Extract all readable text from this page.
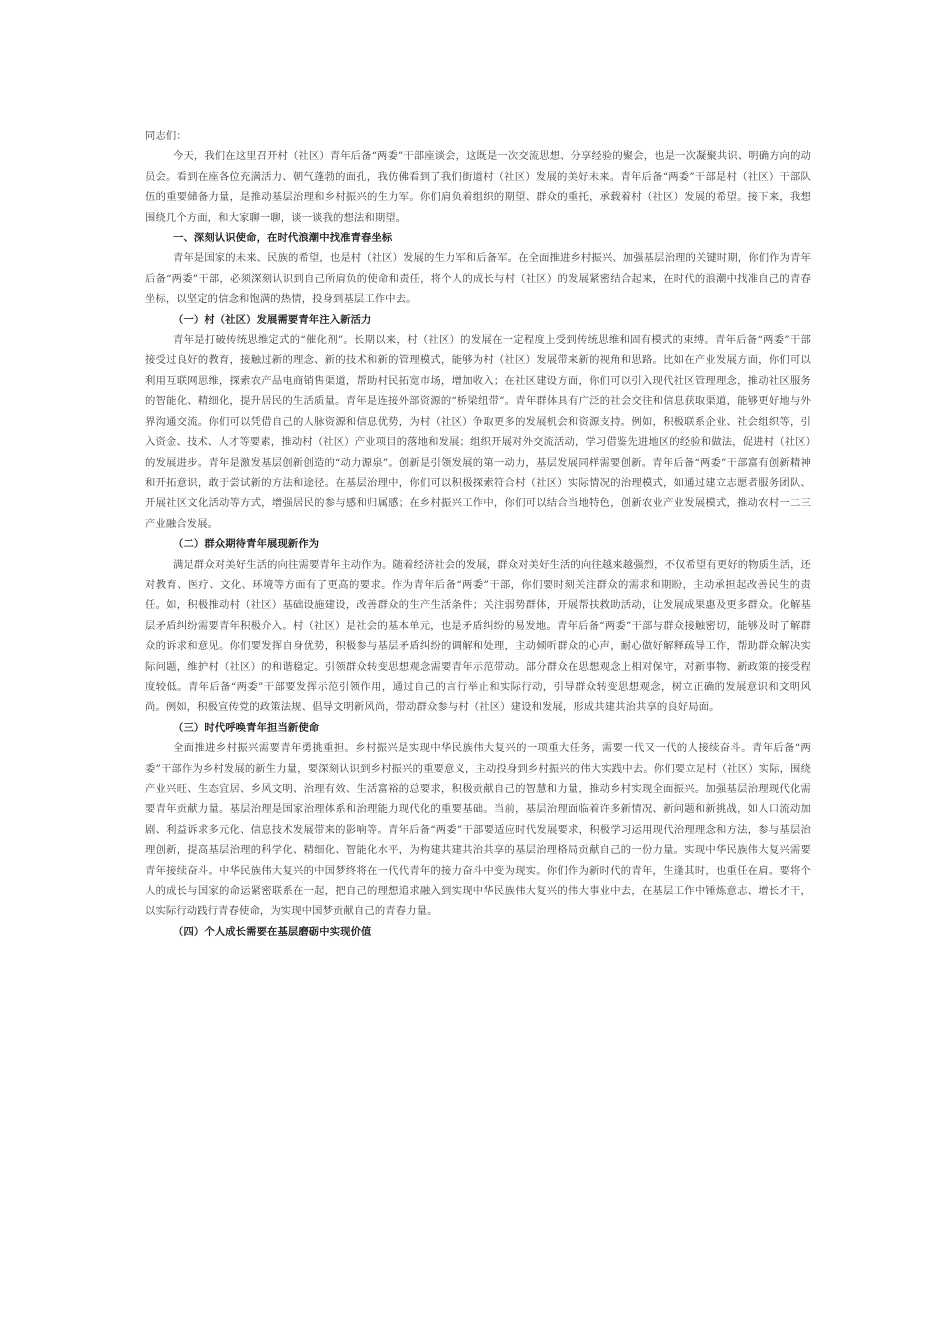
同志们：

今天，我们在这里召开村（社区）青年后备“两委”干部座谈会，这既是一次交流思想、分享经验的聚会，也是一次凝聚共识、明确方向的动员会。看到在座各位充满活力、朝气蓬勃的面孔，我仿佛看到了我们街道村（社区）发展的美好未来。青年后备“两委”干部是村（社区）干部队伍的重要储备力量，是推动基层治理和乡村振兴的生力军。你们肩负着组织的期望、群众的重托，承载着村（社区）发展的希望。接下来，我想围绕几个方面，和大家聊一聊，谈一谈我的想法和期望。

一、深刻认识使命，在时代浪潮中找准青春坐标

青年是国家的未来、民族的希望，也是村（社区）发展的生力军和后备军。在全面推进乡村振兴、加强基层治理的关键时期，你们作为青年后备“两委”干部，必须深刻认识到自己所肩负的使命和责任，将个人的成长与村（社区）的发展紧密结合起来，在时代的浪潮中找准自己的青春坐标，以坚定的信念和饱满的热情，投身到基层工作中去。

（一）村（社区）发展需要青年注入新活力

青年是打破传统思维定式的“催化剂”。长期以来，村（社区）的发展在一定程度上受到传统思维和固有模式的束缚。青年后备“两委”干部接受过良好的教育，接触过新的理念、新的技术和新的管理模式，能够为村（社区）发展带来新的视角和思路。比如在产业发展方面，你们可以利用互联网思维，探索农产品电商销售渠道，帮助村民拓宽市场，增加收入；在社区建设方面，你们可以引入现代社区管理理念，推动社区服务的智能化、精细化，提升居民的生活质量。青年是连接外部资源的“桥梁纽带”。青年群体具有广泛的社会交往和信息获取渠道，能够更好地与外界沟通交流。你们可以凭借自己的人脉资源和信息优势，为村（社区）争取更多的发展机会和资源支持。例如，积极联系企业、社会组织等，引入资金、技术、人才等要素，推动村（社区）产业项目的落地和发展；组织开展对外交流活动，学习借鉴先进地区的经验和做法，促进村（社区）的发展进步。青年是激发基层创新创造的“动力源泉”。创新是引领发展的第一动力，基层发展同样需要创新。青年后备“两委”干部富有创新精神和开拓意识，敢于尝试新的方法和途径。在基层治理中，你们可以积极探索符合村（社区）实际情况的治理模式，如通过建立志愿者服务团队、开展社区文化活动等方式，增强居民的参与感和归属感；在乡村振兴工作中，你们可以结合当地特色，创新农业产业发展模式，推动农村一二三产业融合发展。

（二）群众期待青年展现新作为

满足群众对美好生活的向往需要青年主动作为。随着经济社会的发展，群众对美好生活的向往越来越强烈，不仅希望有更好的物质生活，还对教育、医疗、文化、环境等方面有了更高的要求。作为青年后备“两委”干部，你们要时刻关注群众的需求和期盼，主动承担起改善民生的责任。如，积极推动村（社区）基础设施建设，改善群众的生产生活条件；关注弱势群体，开展帮扶救助活动，让发展成果惠及更多群众。化解基层矛盾纠纷需要青年积极介入。村（社区）是社会的基本单元，也是矛盾纠纷的易发地。青年后备“两委”干部与群众接触密切，能够及时了解群众的诉求和意见。你们要发挥自身优势，积极参与基层矛盾纠纷的调解和处理，主动倾听群众的心声，耐心做好解释疏导工作，帮助群众解决实际问题，维护村（社区）的和谐稳定。引领群众转变思想观念需要青年示范带动。部分群众在思想观念上相对保守，对新事物、新政策的接受程度较低。青年后备“两委”干部要发挥示范引领作用，通过自己的言行举止和实际行动，引导群众转变思想观念，树立正确的发展意识和文明风尚。例如，积极宣传党的政策法规、倡导文明新风尚，带动群众参与村（社区）建设和发展，形成共建共治共享的良好局面。

（三）时代呼唤青年担当新使命

全面推进乡村振兴需要青年勇挑重担。乡村振兴是实现中华民族伟大复兴的一项重大任务，需要一代又一代的人接续奋斗。青年后备“两委”干部作为乡村发展的新生力量，要深刻认识到乡村振兴的重要意义，主动投身到乡村振兴的伟大实践中去。你们要立足村（社区）实际，围绕产业兴旺、生态宜居、乡风文明、治理有效、生活富裕的总要求，积极贡献自己的智慧和力量，推动乡村实现全面振兴。加强基层治理现代化需要青年贡献力量。基层治理是国家治理体系和治理能力现代化的重要基础。当前，基层治理面临着许多新情况、新问题和新挑战，如人口流动加剧、利益诉求多元化、信息技术发展带来的影响等。青年后备“两委”干部要适应时代发展要求，积极学习运用现代治理理念和方法，参与基层治理创新，提高基层治理的科学化、精细化、智能化水平，为构建共建共治共享的基层治理格局贡献自己的一份力量。实现中华民族伟大复兴需要青年接续奋斗。中华民族伟大复兴的中国梦终将在一代代青年的接力奋斗中变为现实。你们作为新时代的青年，生逢其时，也重任在肩。要将个人的成长与国家的命运紧密联系在一起，把自己的理想追求融入到实现中华民族伟大复兴的伟大事业中去，在基层工作中锤炼意志、增长才干，以实际行动践行青春使命，为实现中国梦贡献自己的青春力量。

（四）个人成长需要在基层磨砺中实现价值
